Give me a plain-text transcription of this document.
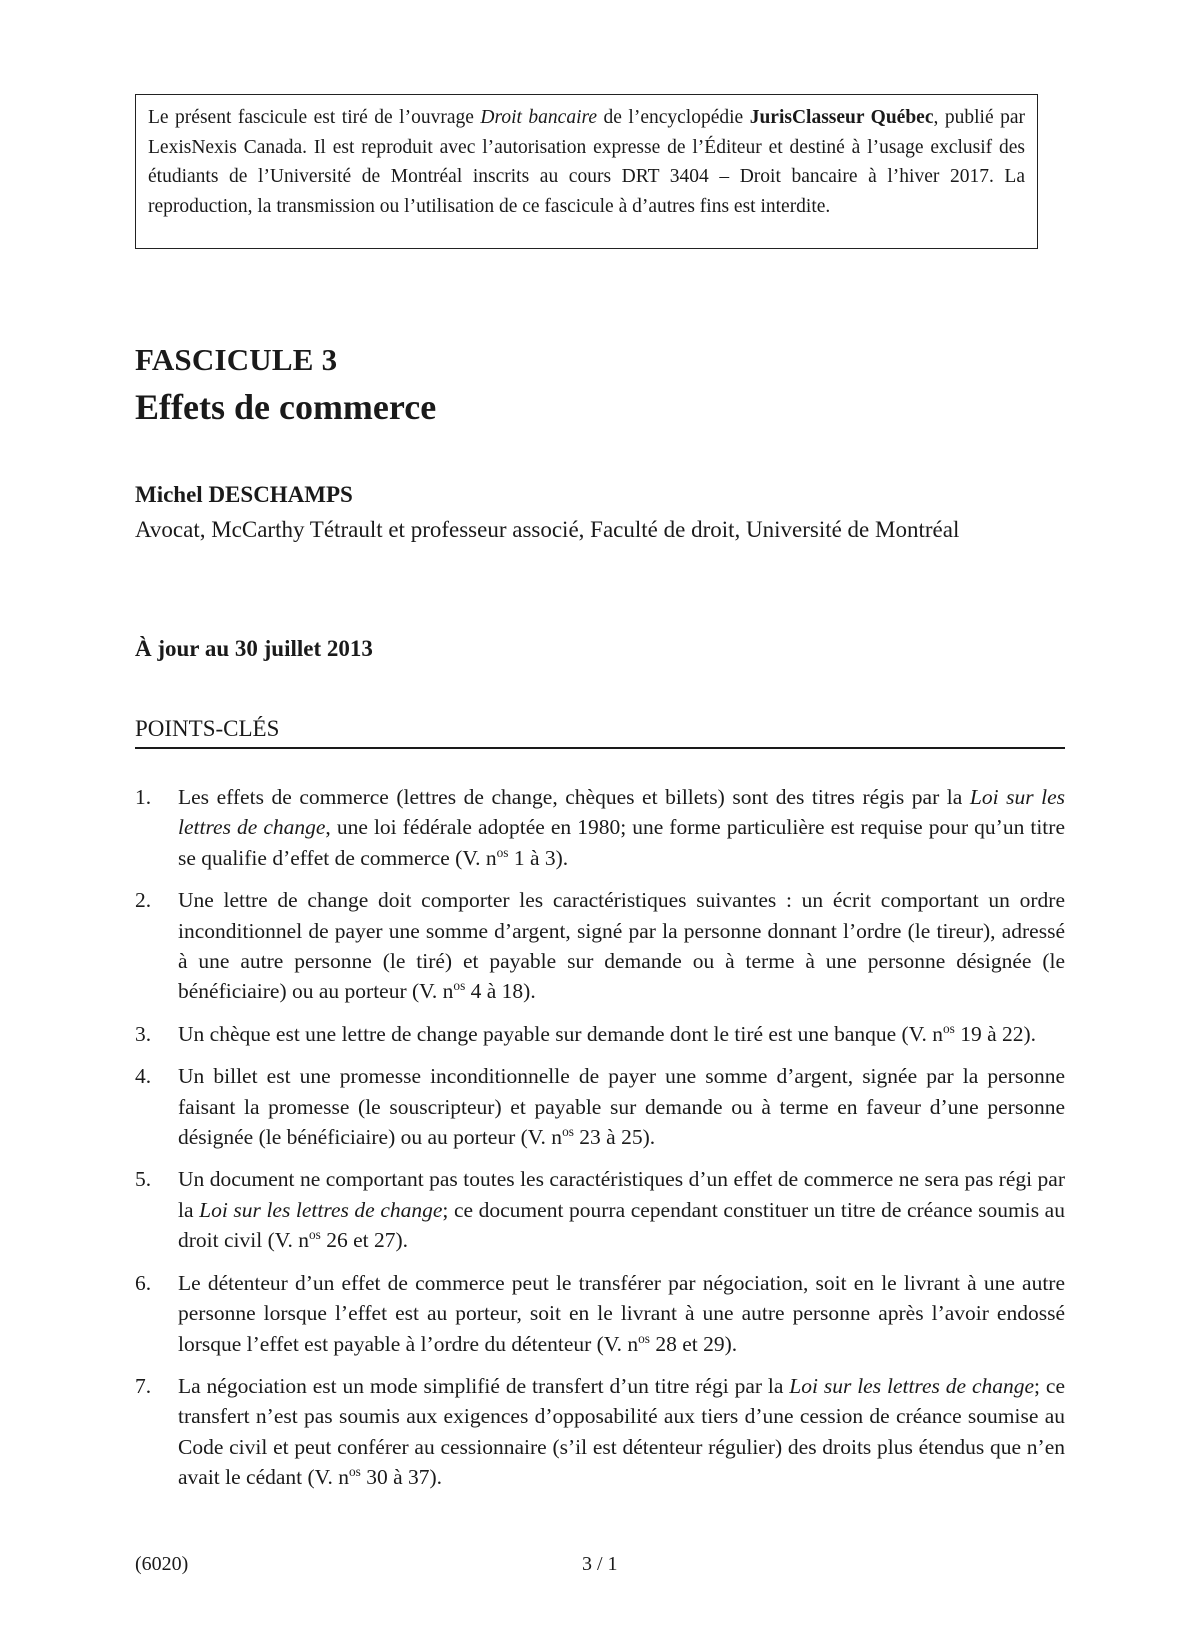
Le présent fascicule est tiré de l’ouvrage Droit bancaire de l’encyclopédie JurisClasseur Québec, publié par LexisNexis Canada. Il est reproduit avec l’autorisation expresse de l’Éditeur et destiné à l’usage exclusif des étudiants de l’Université de Montréal inscrits au cours DRT 3404 – Droit bancaire à l’hiver 2017. La reproduction, la transmission ou l’utilisation de ce fascicule à d’autres fins est interdite.

FASCICULE 3
Effets de commerce
Michel DESCHAMPS
Avocat, McCarthy Tétrault et professeur associé, Faculté de droit, Université de Montréal
À jour au 30 juillet 2013
POINTS-CLÉS
1. Les effets de commerce (lettres de change, chèques et billets) sont des titres régis par la Loi sur les lettres de change, une loi fédérale adoptée en 1980; une forme particulière est requise pour qu’un titre se qualifie d’effet de commerce (V. $n^{os}$ 1 à 3).
2. Une lettre de change doit comporter les caractéristiques suivantes : un écrit comportant un ordre inconditionnel de payer une somme d’argent, signé par la personne donnant l’ordre (le tireur), adressé à une autre personne (le tiré) et payable sur demande ou à terme à une personne désignée (le bénéficiaire) ou au porteur (V. $n^{os}$ 4 à 18).
3. Un chèque est une lettre de change payable sur demande dont le tiré est une banque (V. $n^{os}$ 19 à 22).
4. Un billet est une promesse inconditionnelle de payer une somme d’argent, signée par la personne faisant la promesse (le souscripteur) et payable sur demande ou à terme en faveur d’une personne désignée (le bénéficiaire) ou au porteur (V. $n^{os}$ 23 à 25).
5. Un document ne comportant pas toutes les caractéristiques d’un effet de commerce ne sera pas régi par la Loi sur les lettres de change; ce document pourra cependant constituer un titre de créance soumis au droit civil (V. $n^{os}$ 26 et 27).
6. Le détenteur d’un effet de commerce peut le transférer par négociation, soit en le livrant à une autre personne lorsque l’effet est au porteur, soit en le livrant à une autre personne après l’avoir endossé lorsque l’effet est payable à l’ordre du détenteur (V. $n^{os}$ 28 et 29).
7. La négociation est un mode simplifié de transfert d’un titre régi par la Loi sur les lettres de change; ce transfert n’est pas soumis aux exigences d’opposabilité aux tiers d’une cession de créance soumise au Code civil et peut conférer au cessionnaire (s’il est détenteur régulier) des droits plus étendus que n’en avait le cédant (V. $n^{os}$ 30 à 37).
(6020)	3 / 1
